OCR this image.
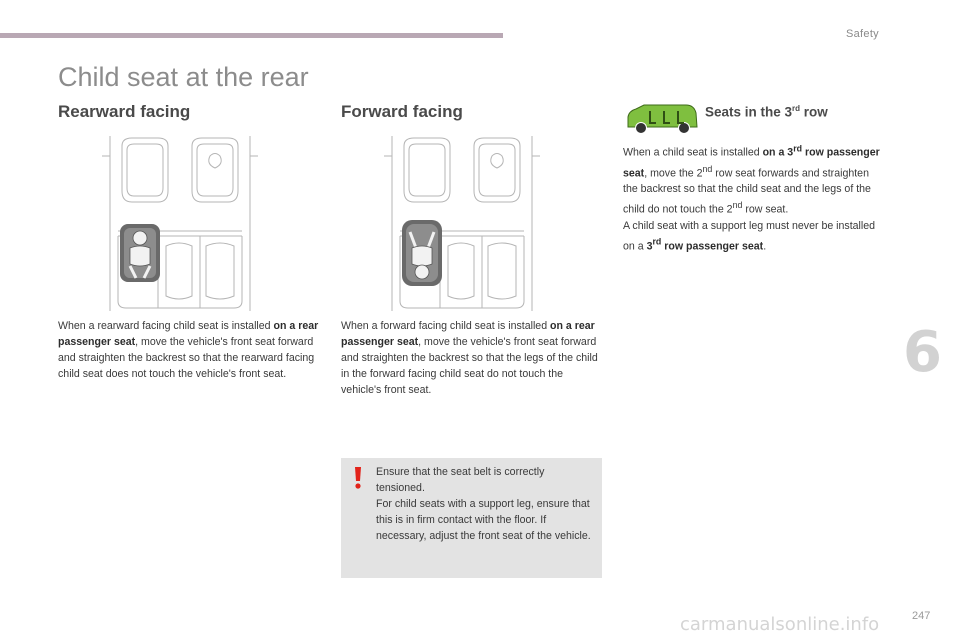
Safety
Child seat at the rear
Rearward facing	Forward facing

When a rearward facing child seat is installed on a rear passenger seat, move the vehicle's front seat forward and straighten the backrest so that the rearward facing child seat does not touch the vehicle's front seat.

When a forward facing child seat is installed on a rear passenger seat, move the vehicle's front seat forward and straighten the backrest so that the legs of the child in the forward facing child seat do not touch the vehicle's front seat.

Ensure that the seat belt is correctly tensioned.
For child seats with a support leg, ensure that this is in firm contact with the floor. If necessary, adjust the front seat of the vehicle.
Seats in the 3rd row

When a child seat is installed on a 3rd row passenger seat, move the 2nd row seat forwards and straighten the backrest so that the child seat and the legs of the child do not touch the 2nd row seat.
A child seat with a support leg must never be installed on a 3rd row passenger seat.

6
carmanualsonline.info	247
